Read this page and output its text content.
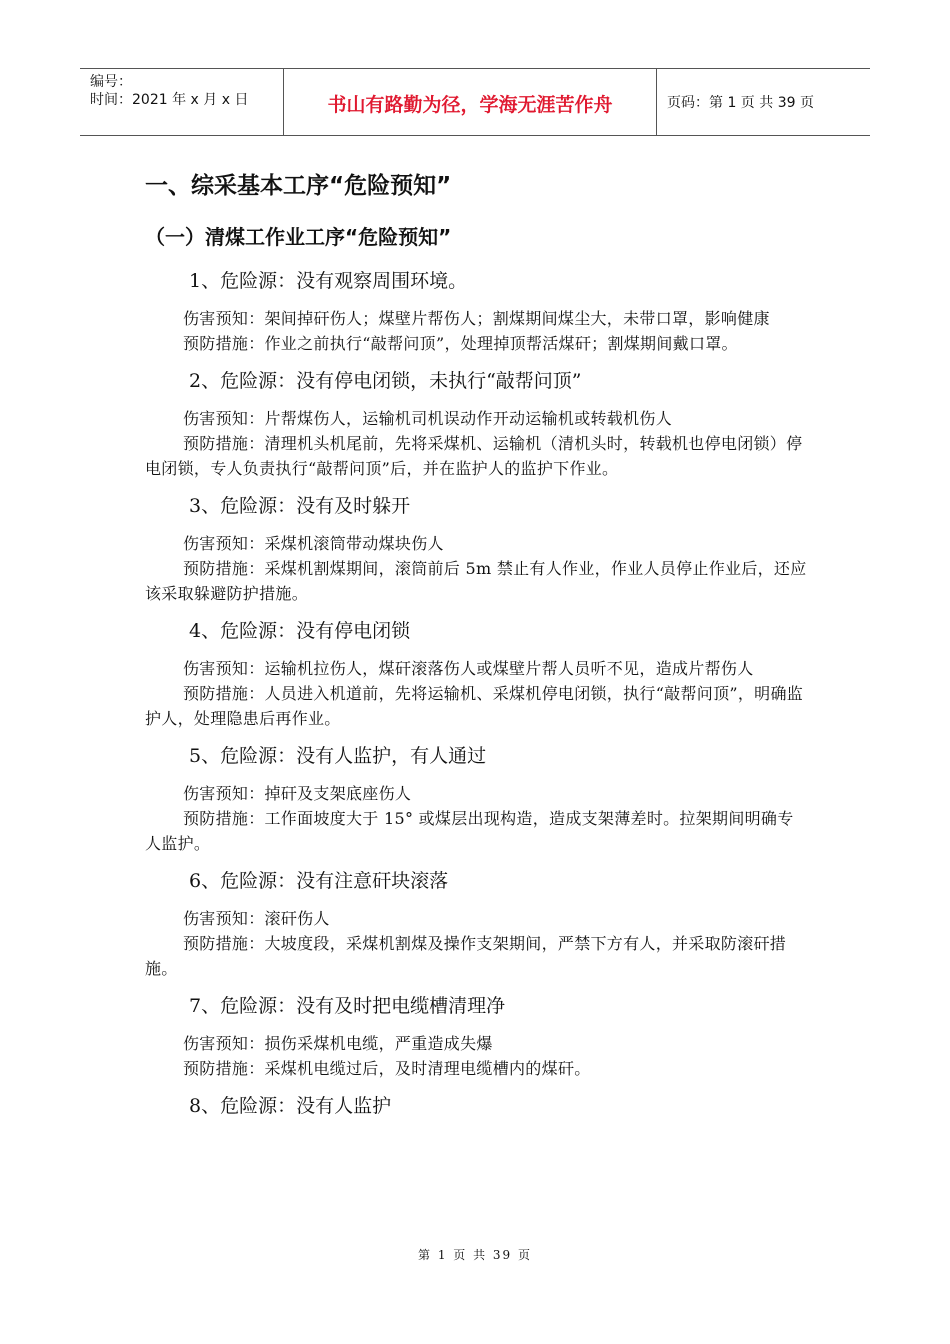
编号：
时间：2021 年 x 月 x 日	书山有路勤为径，学海无涯苦作舟	页码：第 1 页 共 39 页
一、综采基本工序“危险预知”
（一）清煤工作业工序“危险预知”

1、危险源：没有观察周围环境。

伤害预知：架间掉矸伤人；煤壁片帮伤人；割煤期间煤尘大，未带口罩，影响健康

预防措施：作业之前执行“敲帮问顶”，处理掉顶帮活煤矸；割煤期间戴口罩。

2、危险源：没有停电闭锁，未执行“敲帮问顶”

伤害预知：片帮煤伤人，运输机司机误动作开动运输机或转载机伤人

预防措施：清理机头机尾前，先将采煤机、运输机（清机头时，转载机也停电闭锁）停电闭锁，专人负责执行“敲帮问顶”后，并在监护人的监护下作业。

3、危险源：没有及时躲开

伤害预知：采煤机滚筒带动煤块伤人

预防措施：采煤机割煤期间，滚筒前后 5m 禁止有人作业，作业人员停止作业后，还应该采取躲避防护措施。

4、危险源：没有停电闭锁

伤害预知：运输机拉伤人，煤矸滚落伤人或煤壁片帮人员听不见，造成片帮伤人

预防措施：人员进入机道前，先将运输机、采煤机停电闭锁，执行“敲帮问顶”，明确监护人，处理隐患后再作业。

5、危险源：没有人监护，有人通过

伤害预知：掉矸及支架底座伤人

预防措施：工作面坡度大于 15° 或煤层出现构造，造成支架薄差时。拉架期间明确专人监护。

6、危险源：没有注意矸块滚落

伤害预知：滚矸伤人

预防措施：大坡度段，采煤机割煤及操作支架期间，严禁下方有人，并采取防滚矸措施。

7、危险源：没有及时把电缆槽清理净

伤害预知：损伤采煤机电缆，严重造成失爆

预防措施：采煤机电缆过后，及时清理电缆槽内的煤矸。

8、危险源：没有人监护

第 1 页 共 39 页
